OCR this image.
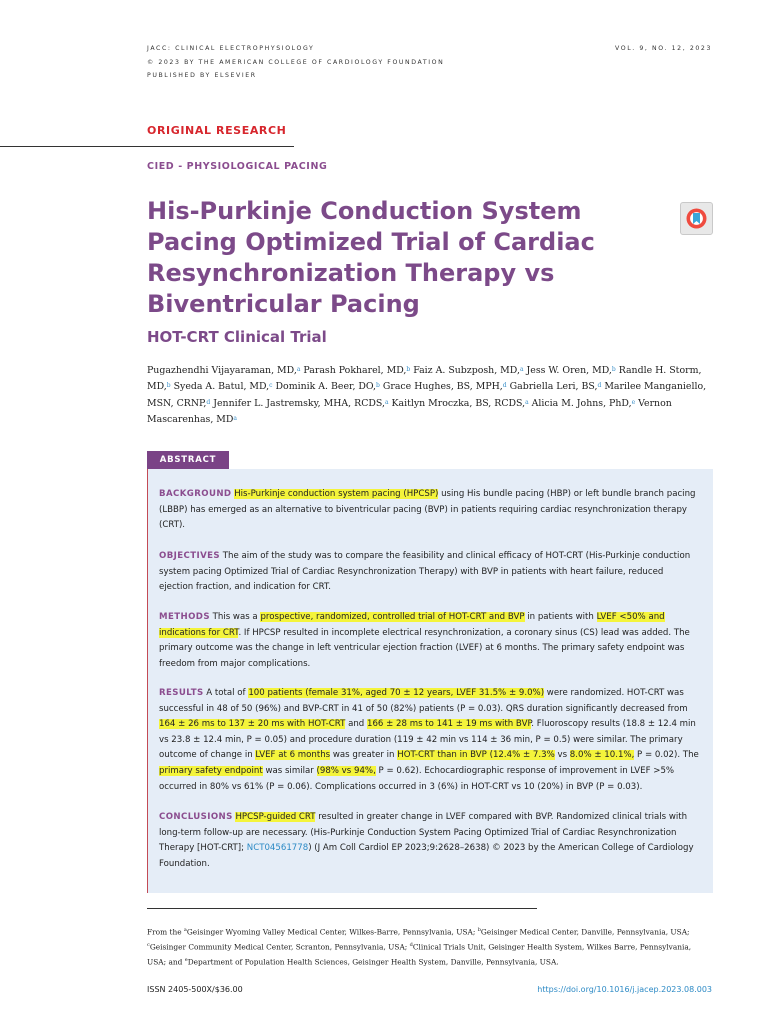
JACC: CLINICAL ELECTROPHYSIOLOGY
© 2023 BY THE AMERICAN COLLEGE OF CARDIOLOGY FOUNDATION
PUBLISHED BY ELSEVIER
VOL. 9, NO. 12, 2023
ORIGINAL RESEARCH
CIED - PHYSIOLOGICAL PACING
His-Purkinje Conduction System Pacing Optimized Trial of Cardiac Resynchronization Therapy vs Biventricular Pacing
HOT-CRT Clinical Trial
Pugazhendhi Vijayaraman, MD,$^a$ Parash Pokharel, MD,$^b$ Faiz A. Subzposh, MD,$^a$ Jess W. Oren, MD,$^b$ Randle H. Storm, MD,$^b$ Syeda A. Batul, MD,$^c$ Dominik A. Beer, DO,$^b$ Grace Hughes, BS, MPH,$^d$ Gabriella Leri, BS,$^d$ Marilee Manganiello, MSN, CRNP,$^d$ Jennifer L. Jastremsky, MHA, RCDS,$^a$ Kaitlyn Mroczka, BS, RCDS,$^a$ Alicia M. Johns, PhD,$^e$ Vernon Mascarenhas, $MD^a$
ABSTRACT
BACKGROUND His-Purkinje conduction system pacing (HPCSP) using His bundle pacing (HBP) or left bundle branch pacing (LBBP) has emerged as an alternative to biventricular pacing (BVP) in patients requiring cardiac resynchronization therapy (CRT).
OBJECTIVES The aim of the study was to compare the feasibility and clinical efficacy of HOT-CRT (His-Purkinje conduction system pacing Optimized Trial of Cardiac Resynchronization Therapy) with BVP in patients with heart failure, reduced ejection fraction, and indication for CRT.
METHODS This was a prospective, randomized, controlled trial of HOT-CRT and BVP in patients with LVEF <50% and indications for CRT. If HPCSP resulted in incomplete electrical resynchronization, a coronary sinus (CS) lead was added. The primary outcome was the change in left ventricular ejection fraction (LVEF) at 6 months. The primary safety endpoint was freedom from major complications.
RESULTS A total of 100 patients (female 31%, aged 70 ± 12 years, LVEF 31.5% ± 9.0%) were randomized. HOT-CRT was successful in 48 of 50 (96%) and BVP-CRT in 41 of 50 (82%) patients (P = 0.03). QRS duration significantly decreased from 164 ± 26 ms to 137 ± 20 ms with HOT-CRT and 166 ± 28 ms to 141 ± 19 ms with BVP. Fluoroscopy results (18.8 ± 12.4 min vs 23.8 ± 12.4 min, P = 0.05) and procedure duration (119 ± 42 min vs 114 ± 36 min, P = 0.5) were similar. The primary outcome of change in LVEF at 6 months was greater in HOT-CRT than in BVP (12.4% ± 7.3% vs 8.0% ± 10.1%, P = 0.02). The primary safety endpoint was similar (98% vs 94%, P = 0.62). Echocardiographic response of improvement in LVEF >5% occurred in 80% vs 61% (P = 0.06). Complications occurred in 3 (6%) in HOT-CRT vs 10 (20%) in BVP (P = 0.03).
CONCLUSIONS HPCSP-guided CRT resulted in greater change in LVEF compared with BVP. Randomized clinical trials with long-term follow-up are necessary. (His-Purkinje Conduction System Pacing Optimized Trial of Cardiac Resynchronization Therapy [HOT-CRT]; NCT04561778) (J Am Coll Cardiol EP 2023;9:2628–2638) © 2023 by the American College of Cardiology Foundation.
From the $^a$Geisinger Wyoming Valley Medical Center, Wilkes-Barre, Pennsylvania, USA; $^b$Geisinger Medical Center, Danville, Pennsylvania, USA; $^c$Geisinger Community Medical Center, Scranton, Pennsylvania, USA; $^d$Clinical Trials Unit, Geisinger Health System, Wilkes Barre, Pennsylvania, USA; and $^e$Department of Population Health Sciences, Geisinger Health System, Danville, Pennsylvania, USA.
ISSN 2405-500X/$36.00	https://doi.org/10.1016/j.jacep.2023.08.003
